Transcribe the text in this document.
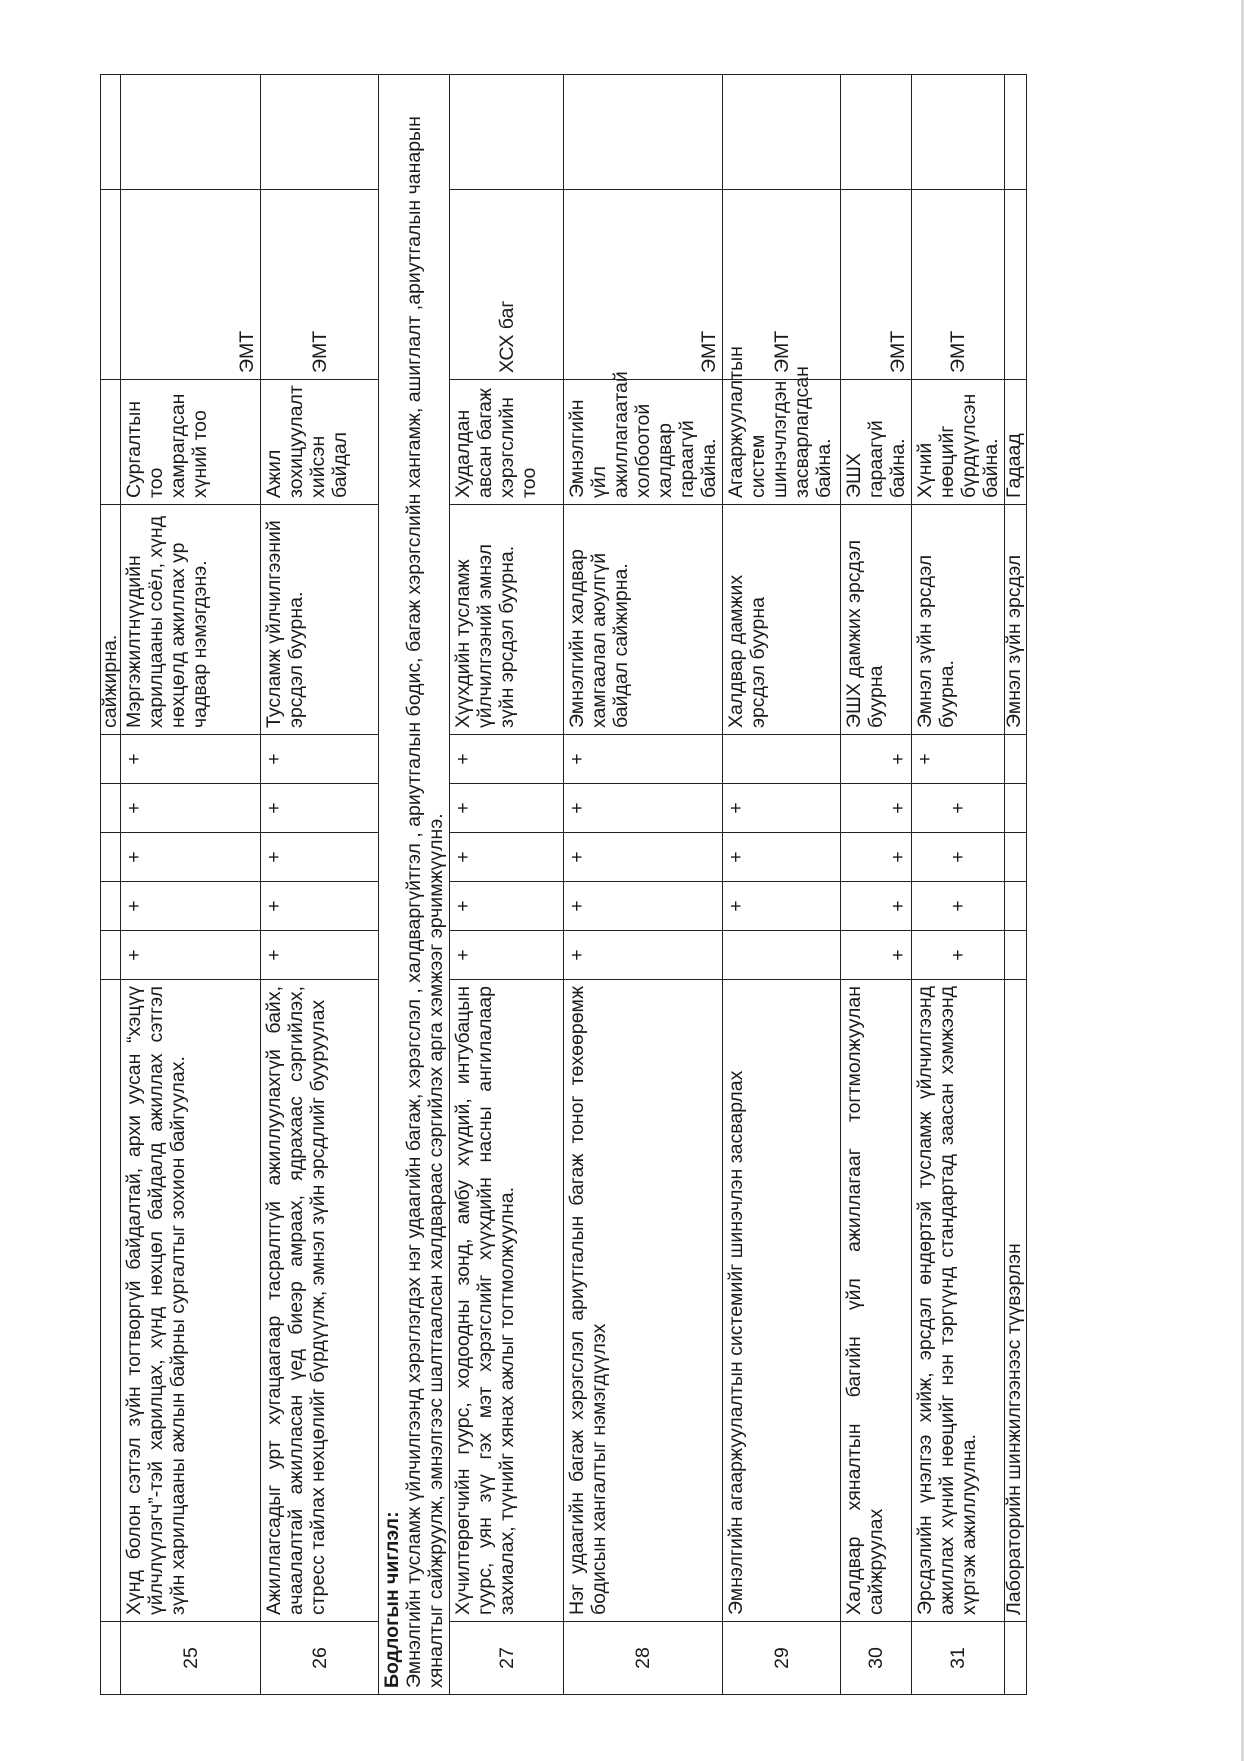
							сайжирна.			
25	Хүнд болон сэтгэл зүйн тогтворгүй байдалтай, архи уусан “хэцүү үйлчлүүлэгч”-тэй харилцах, хүнд нөхцөл байдалд ажиллах сэтгэл зүйн харилцааны ажлын байрны сургалтыг зохион байгуулах.	+	+	+	+	+	Мэргэжилтнүүдийн харилцааны соёл, хүнд нөхцөлд ажиллах ур чадвар нэмэгдэнэ.	Сургалтын тоо хамрагдсан хүний тоо	ЭМТ	
26	Ажиллагсадыг урт хугацаагаар тасралтгүй ажиллуулахгүй байх, ачаалалтай ажилласан үед биеэр амраах, ядрахаас сэргийлэх, стресс тайлах нөхцөлийг бүрдүүлж, эмнэл зүйн эрсдлийг бууруулах	+	+	+	+	+	Тусламж үйлчилгээний эрсдэл буурна.	Ажил зохицуулалт хийсэн байдал	ЭМТ	

Бодлогын чиглэл: Эмнэлгийн тусламж үйлчилгээнд хэрэглэгдэх нэг удаагийн багаж, хэрэгслэл , халдваргүйтгэл , ариутгалын бодис, багаж хэрэгслийн хангамж, ашиглалт ,ариутгалын чанарын хяналтыг сайжруулж, эмнэлгээс шалтгаалсан халдвараас сэргийлэх арга хэмжээг эрчимжүүлнэ.										
27	Хүчилтөрөгчийн гуурс, ходоодны зонд, амбу хүүдий, интубацын гуурс, уян зүү гэх мэт хэрэгслийг хүүхдийн насны ангилалаар захиалах, түүнийг хянах ажлыг тогтмолжуулна.	+	+	+	+	+	Хүүхдийн тусламж үйлчилгээний эмнэл зүйн эрсдэл буурна.	Худалдан авсан багаж хэрэгслийн тоо	ХСХ баг	
28	Нэг удаагийн багаж хэрэгслэл ариутгалын багаж тоног төхөөрөмж бодисын хангалтыг нэмэгдүүлэх	+	+	+	+	+	Эмнэлгийн халдвар хамгаалал аюулгүй байдал сайжирна.	Эмнэлгийн үйл ажиллагаатай холбоотой халдвар гараагүй байна.	ЭМТ	
29	Эмнэлгийн агааржуулалтын системийг шинэчлэн засварлах		+	+	+		Халдвар дамжих эрсдэл буурна	Агааржуулалтын систем шинэчлэгдэн засварлагдсан байна.	ЭМТ	
30	Халдвар хяналтын багийн үйл ажиллагааг тогтмолжуулан сайжруулах	+	+	+	+	+	ЭШХ дамжих эрсдэл буурна	ЭШХ гараагүй байна.	ЭМТ	
31	Эрсдэлийн үнэлгээ хийж, эрсдэл өндөртэй тусламж үйлчилгээнд ажиллах хүний нөөцийг нэн тэргүүнд стандартад заасан хэмжээнд хүргэж ажиллуулна.	+	+	+	+	+	Эмнэл зүйн эрсдэл буурна.	Хүний нөөцийг бүрдүүлсэн байна.	ЭМТ	
	Лабораторийн шинжилгээнээс түүвэрлэн						Эмнэл зүйн эрсдэл	Гадаад		
